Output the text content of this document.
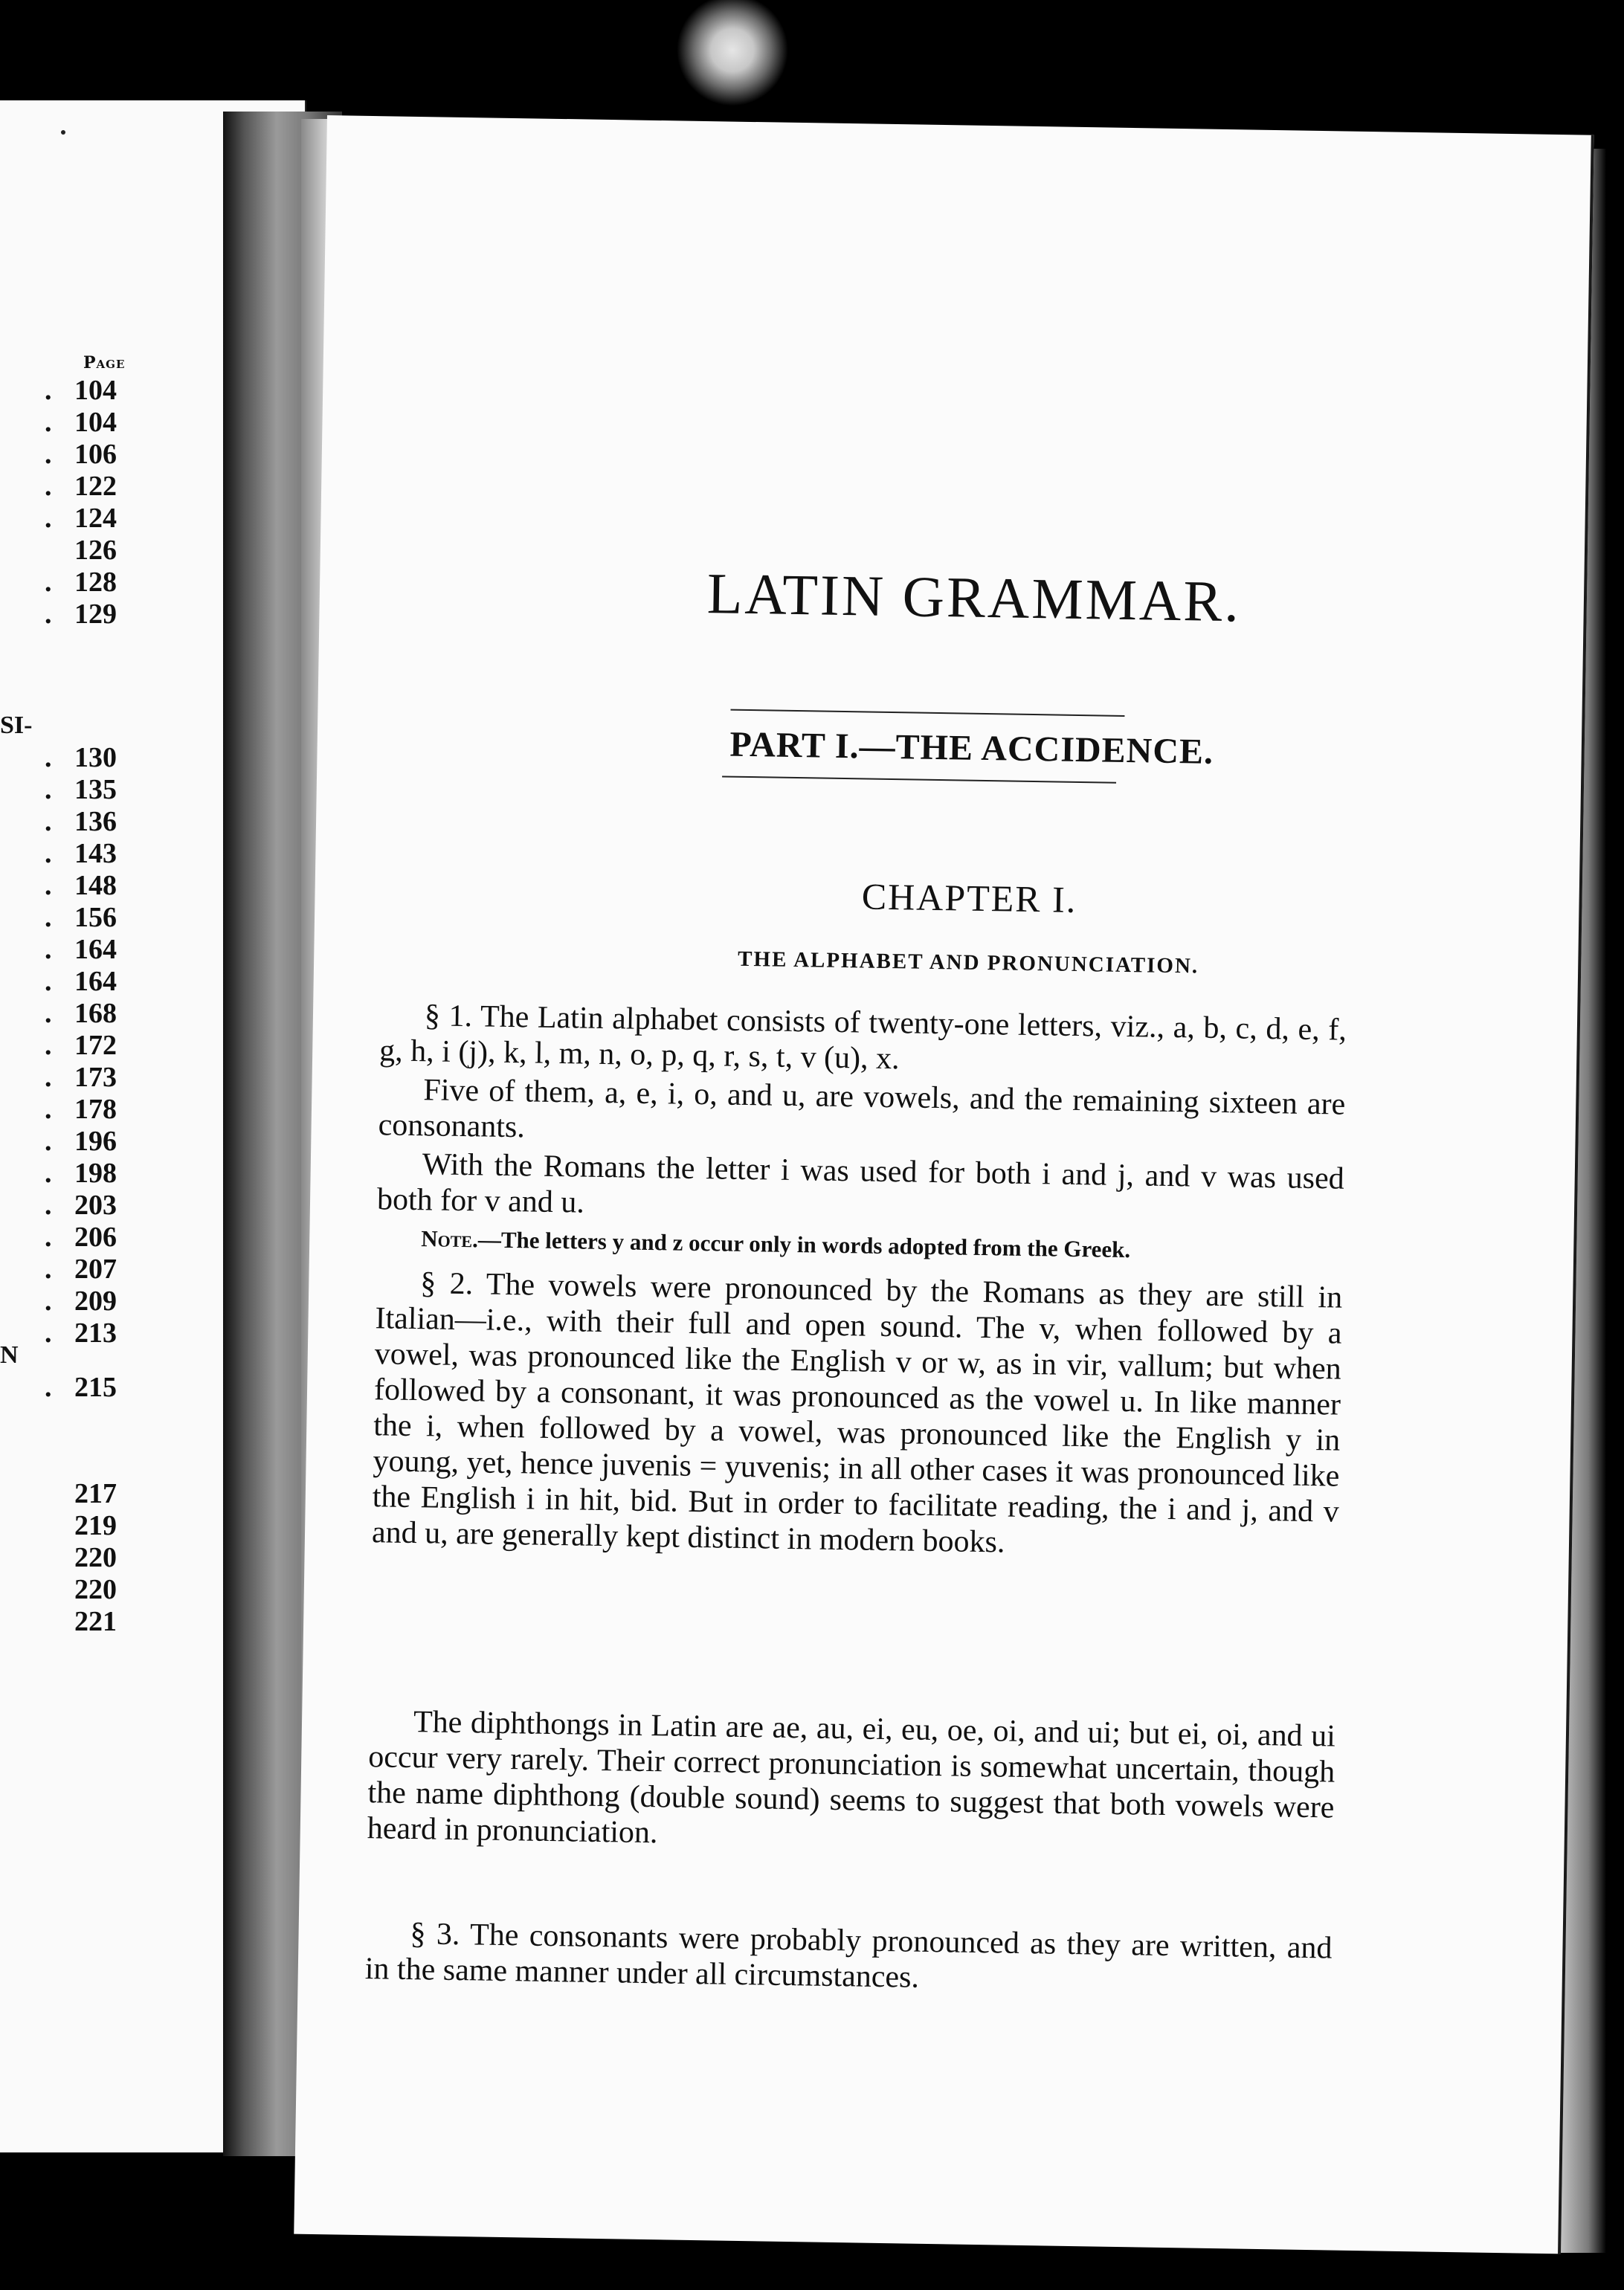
Page
. 104
. 104
. 106
. 122
. 124
126
. 128
. 129
SI-
. 130
. 135
. 136
. 143
. 148
. 156
. 164
. 164
. 168
. 172
. 173
. 178
. 196
. 198
. 203
. 206
. 207
. 209
. 213
N
. 215
217
219
220
220
221
LATIN GRAMMAR.
PART I.—THE ACCIDENCE.
CHAPTER I.
THE ALPHABET AND PRONUNCIATION.
§ 1. The Latin alphabet consists of twenty-one letters, viz., a, b, c, d, e, f, g, h, i (j), k, l, m, n, o, p, q, r, s, t, v (u), x.
Five of them, a, e, i, o, and u, are vowels, and the remaining sixteen are consonants.
With the Romans the letter i was used for both i and j, and v was used both for v and u.
Note.—The letters y and z occur only in words adopted from the Greek.
§ 2. The vowels were pronounced by the Romans as they are still in Italian—i.e., with their full and open sound. The v, when followed by a vowel, was pronounced like the English v or w, as in vir, vallum; but when followed by a consonant, it was pronounced as the vowel u. In like manner the i, when followed by a vowel, was pronounced like the English y in young, yet, hence juvenis = yuvenis; in all other cases it was pronounced like the English i in hit, bid. But in order to facilitate reading, the i and j, and v and u, are generally kept distinct in modern books.
The diphthongs in Latin are ae, au, ei, eu, oe, oi, and ui; but ei, oi, and ui occur very rarely. Their correct pronunciation is somewhat uncertain, though the name diphthong (double sound) seems to suggest that both vowels were heard in pronunciation.
§ 3. The consonants were probably pronounced as they are written, and in the same manner under all circumstances.
